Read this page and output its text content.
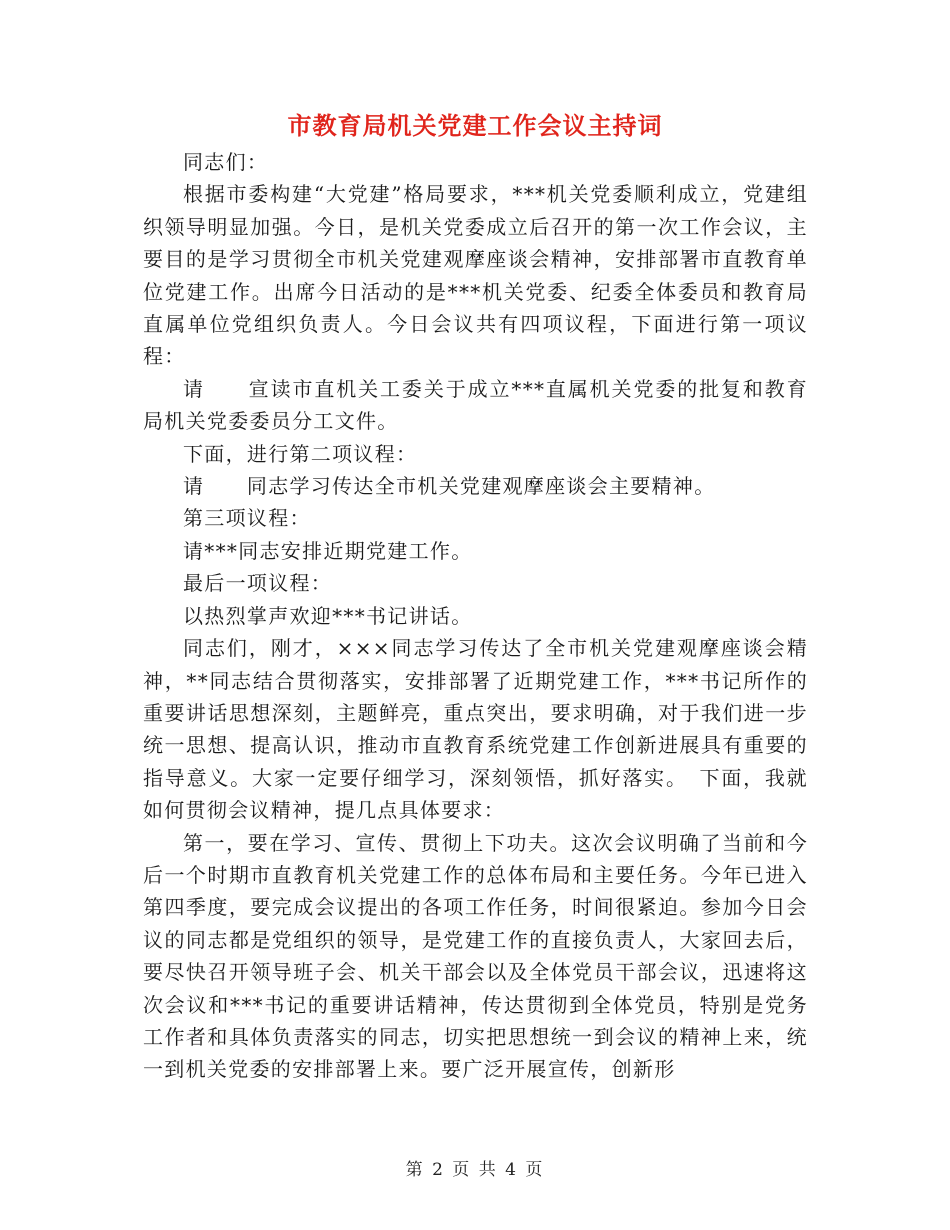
市教育局机关党建工作会议主持词

同志们：

根据市委构建“大党建”格局要求，***机关党委顺利成立，党建组织领导明显加强。今日，是机关党委成立后召开的第一次工作会议，主要目的是学习贯彻全市机关党建观摩座谈会精神，安排部署市直教育单位党建工作。出席今日活动的是***机关党委、纪委全体委员和教育局直属单位党组织负责人。今日会议共有四项议程，下面进行第一项议程：

请　　宣读市直机关工委关于成立***直属机关党委的批复和教育局机关党委委员分工文件。

下面，进行第二项议程：

请　　同志学习传达全市机关党建观摩座谈会主要精神。

第三项议程：

请***同志安排近期党建工作。

最后一项议程：

以热烈掌声欢迎***书记讲话。

同志们，刚才，×××同志学习传达了全市机关党建观摩座谈会精神，**同志结合贯彻落实，安排部署了近期党建工作，***书记所作的重要讲话思想深刻，主题鲜亮，重点突出，要求明确，对于我们进一步统一思想、提高认识，推动市直教育系统党建工作创新进展具有重要的指导意义。大家一定要仔细学习，深刻领悟，抓好落实。　下面，我就如何贯彻会议精神，提几点具体要求：

第一，要在学习、宣传、贯彻上下功夫。这次会议明确了当前和今后一个时期市直教育机关党建工作的总体布局和主要任务。今年已进入第四季度，要完成会议提出的各项工作任务，时间很紧迫。参加今日会议的同志都是党组织的领导，是党建工作的直接负责人，大家回去后，要尽快召开领导班子会、机关干部会以及全体党员干部会议，迅速将这次会议和***书记的重要讲话精神，传达贯彻到全体党员，特别是党务工作者和具体负责落实的同志，切实把思想统一到会议的精神上来，统一到机关党委的安排部署上来。要广泛开展宣传，创新形

第 2 页 共 4 页
